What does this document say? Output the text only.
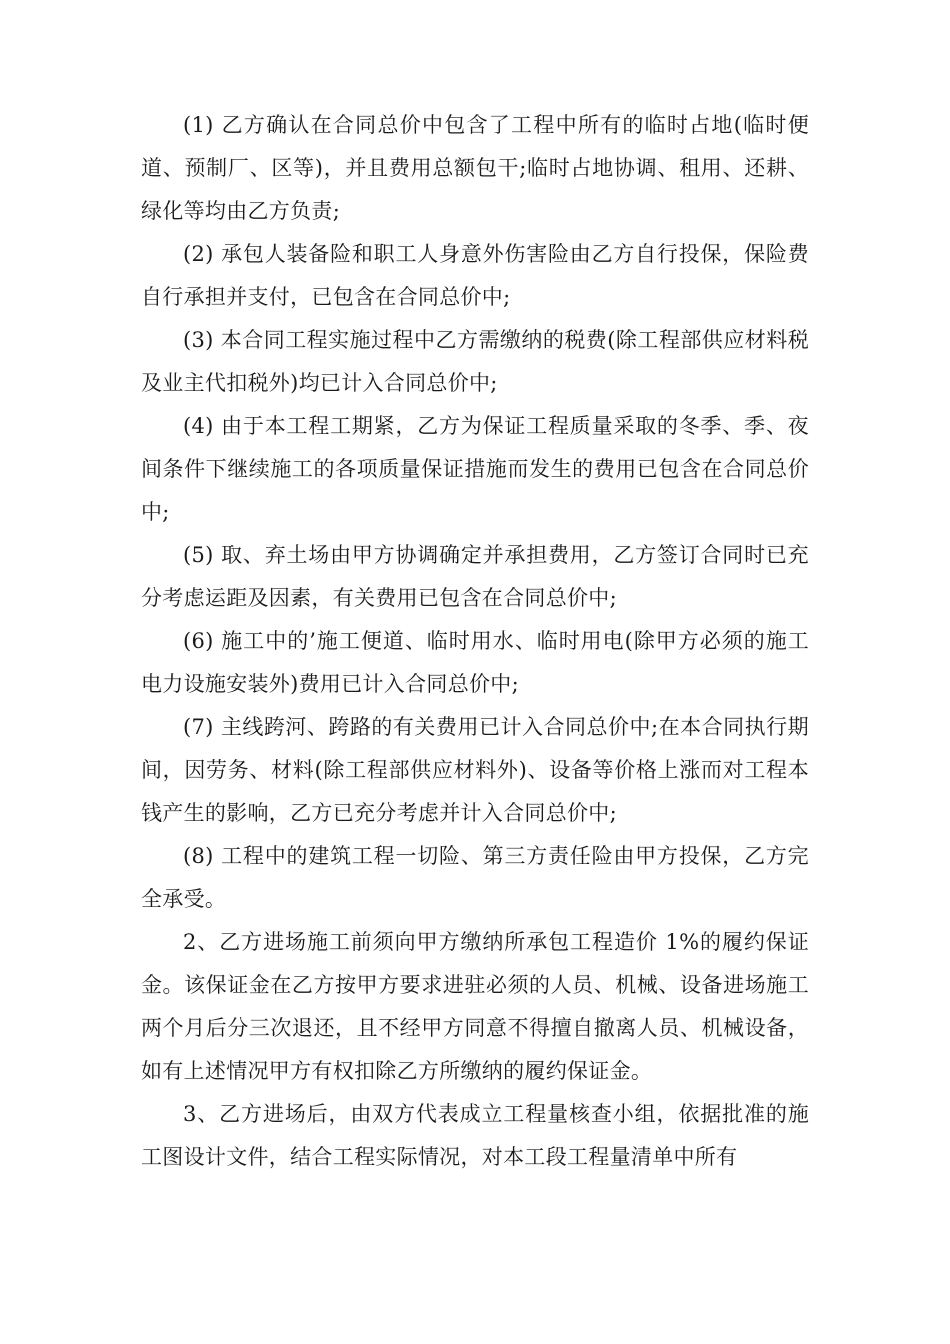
(1) 乙方确认在合同总价中包含了工程中所有的临时占地(临时便道、预制厂、区等)，并且费用总额包干;临时占地协调、租用、还耕、绿化等均由乙方负责;

(2) 承包人装备险和职工人身意外伤害险由乙方自行投保，保险费自行承担并支付，已包含在合同总价中;

(3) 本合同工程实施过程中乙方需缴纳的税费(除工程部供应材料税及业主代扣税外)均已计入合同总价中;

(4) 由于本工程工期紧，乙方为保证工程质量采取的冬季、季、夜间条件下继续施工的各项质量保证措施而发生的费用已包含在合同总价中;

(5) 取、弃土场由甲方协调确定并承担费用，乙方签订合同时已充分考虑运距及因素，有关费用已包含在合同总价中;

(6) 施工中的’施工便道、临时用水、临时用电(除甲方必须的施工电力设施安装外)费用已计入合同总价中;

(7) 主线跨河、跨路的有关费用已计入合同总价中;在本合同执行期间，因劳务、材料(除工程部供应材料外)、设备等价格上涨而对工程本钱产生的影响，乙方已充分考虑并计入合同总价中;

(8) 工程中的建筑工程一切险、第三方责任险由甲方投保，乙方完全承受。

2、乙方进场施工前须向甲方缴纳所承包工程造价 1%的履约保证金。该保证金在乙方按甲方要求进驻必须的人员、机械、设备进场施工两个月后分三次退还，且不经甲方同意不得擅自撤离人员、机械设备，如有上述情况甲方有权扣除乙方所缴纳的履约保证金。

3、乙方进场后，由双方代表成立工程量核查小组，依据批准的施工图设计文件，结合工程实际情况，对本工段工程量清单中所有
